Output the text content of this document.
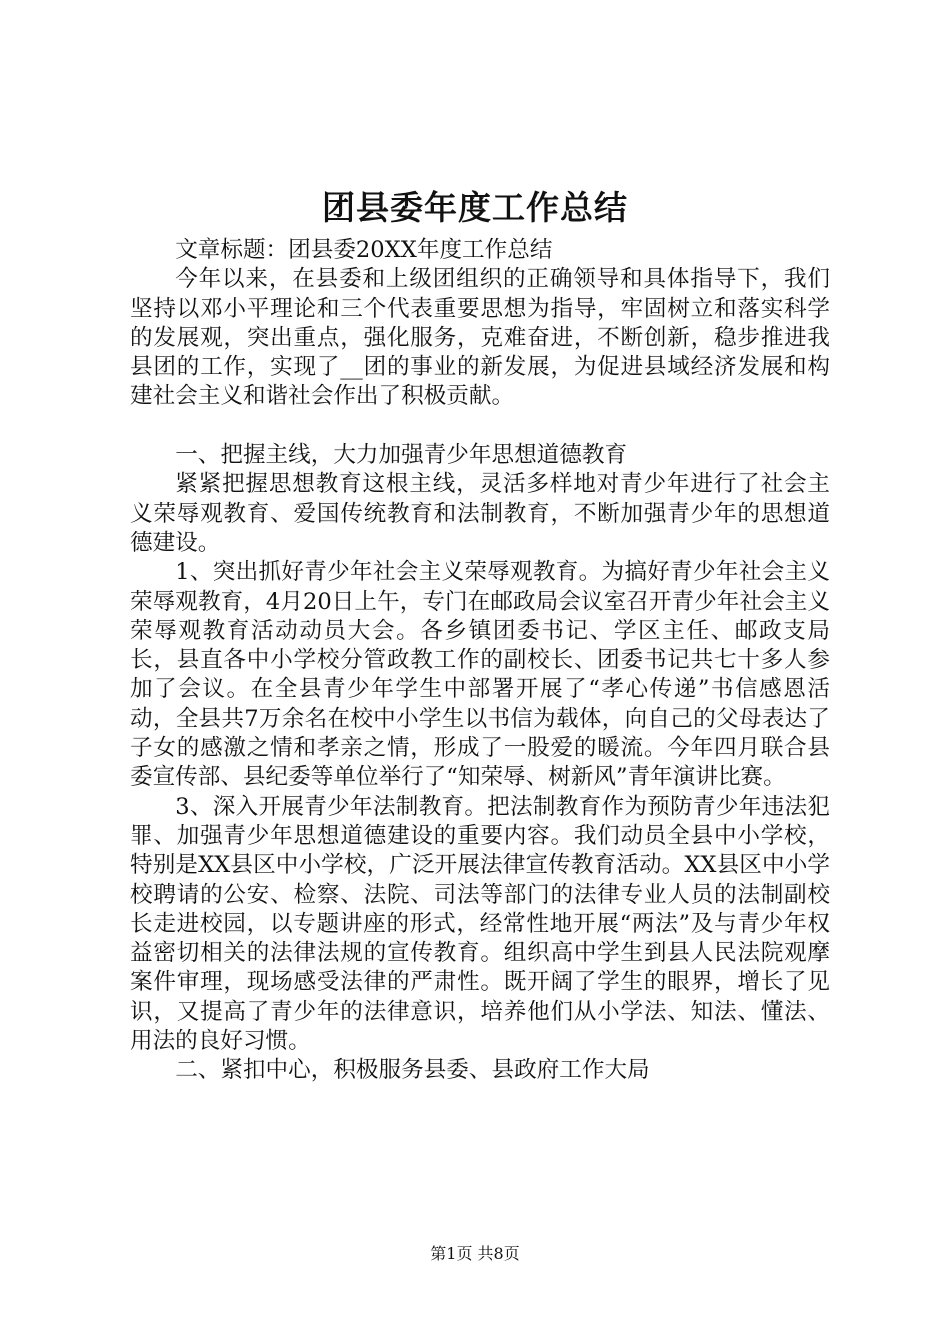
团县委年度工作总结

文章标题：团县委20XX年度工作总结

今年以来，在县委和上级团组织的正确领导和具体指导下，我们坚持以邓小平理论和三个代表重要思想为指导，牢固树立和落实科学的发展观，突出重点，强化服务，克难奋进，不断创新，稳步推进我县团的工作，实现了__团的事业的新发展，为促进县域经济发展和构建社会主义和谐社会作出了积极贡献。

一、把握主线，大力加强青少年思想道德教育

紧紧把握思想教育这根主线，灵活多样地对青少年进行了社会主义荣辱观教育、爱国传统教育和法制教育，不断加强青少年的思想道德建设。

1、突出抓好青少年社会主义荣辱观教育。为搞好青少年社会主义荣辱观教育，4月20日上午，专门在邮政局会议室召开青少年社会主义荣辱观教育活动动员大会。各乡镇团委书记、学区主任、邮政支局长，县直各中小学校分管政教工作的副校长、团委书记共七十多人参加了会议。在全县青少年学生中部署开展了“孝心传递”书信感恩活动，全县共7万余名在校中小学生以书信为载体，向自己的父母表达了子女的感激之情和孝亲之情，形成了一股爱的暖流。今年四月联合县委宣传部、县纪委等单位举行了“知荣辱、树新风”青年演讲比赛。

3、深入开展青少年法制教育。把法制教育作为预防青少年违法犯罪、加强青少年思想道德建设的重要内容。我们动员全县中小学校，特别是XX县区中小学校，广泛开展法律宣传教育活动。XX县区中小学校聘请的公安、检察、法院、司法等部门的法律专业人员的法制副校长走进校园，以专题讲座的形式，经常性地开展“两法”及与青少年权益密切相关的法律法规的宣传教育。组织高中学生到县人民法院观摩案件审理，现场感受法律的严肃性。既开阔了学生的眼界，增长了见识，又提高了青少年的法律意识，培养他们从小学法、知法、懂法、用法的良好习惯。

二、紧扣中心，积极服务县委、县政府工作大局

第1页 共8页
